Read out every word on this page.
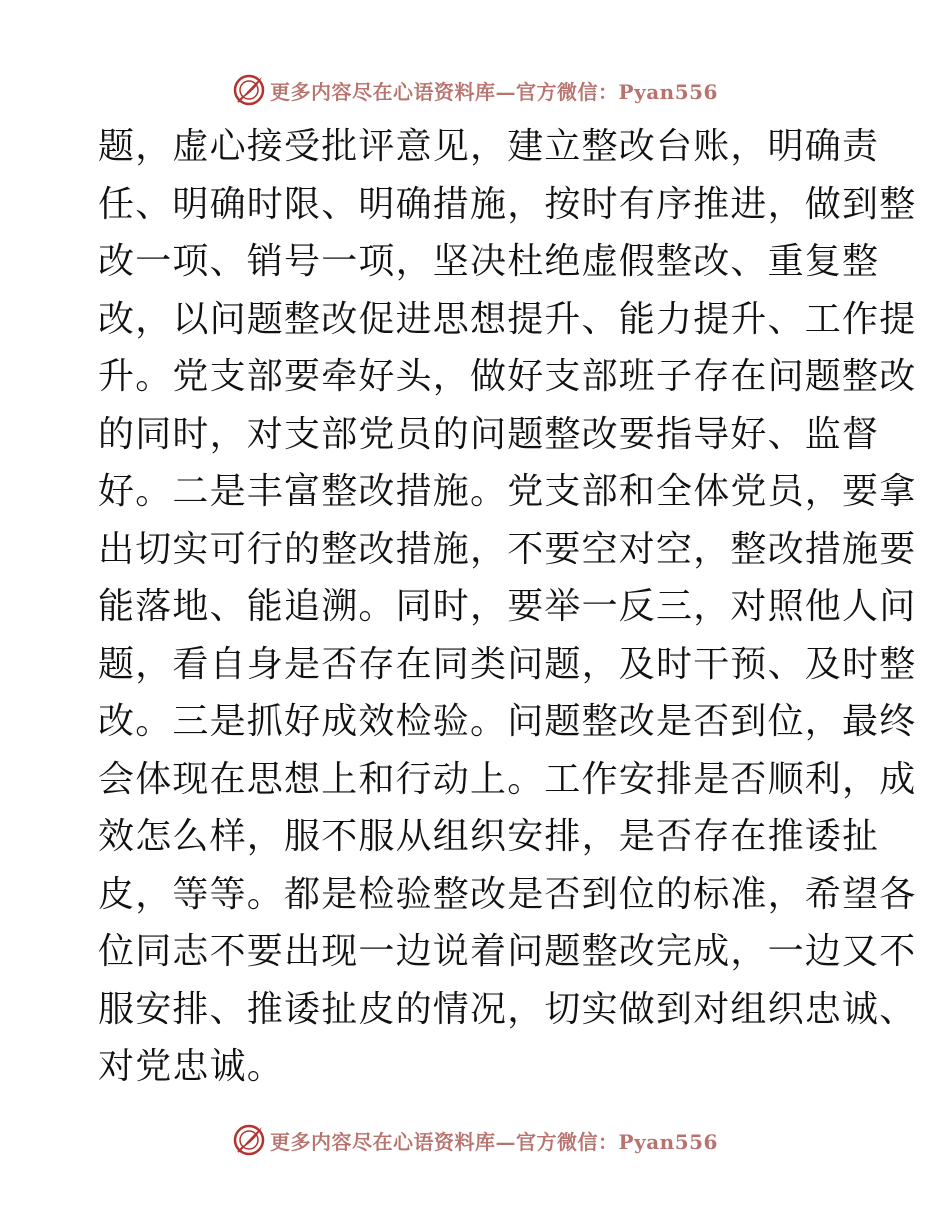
更多内容尽在心语资料库—官方微信：Pyan556
题，虚心接受批评意见，建立整改台账，明确责
任、明确时限、明确措施，按时有序推进，做到整
改一项、销号一项，坚决杜绝虚假整改、重复整
改，以问题整改促进思想提升、能力提升、工作提
升。党支部要牵好头，做好支部班子存在问题整改
的同时，对支部党员的问题整改要指导好、监督
好。二是丰富整改措施。党支部和全体党员，要拿
出切实可行的整改措施，不要空对空，整改措施要
能落地、能追溯。同时，要举一反三，对照他人问
题，看自身是否存在同类问题，及时干预、及时整
改。三是抓好成效检验。问题整改是否到位，最终
会体现在思想上和行动上。工作安排是否顺利，成
效怎么样，服不服从组织安排，是否存在推诿扯
皮，等等。都是检验整改是否到位的标准，希望各
位同志不要出现一边说着问题整改完成，一边又不
服安排、推诿扯皮的情况，切实做到对组织忠诚、
对党忠诚。
更多内容尽在心语资料库—官方微信：Pyan556
